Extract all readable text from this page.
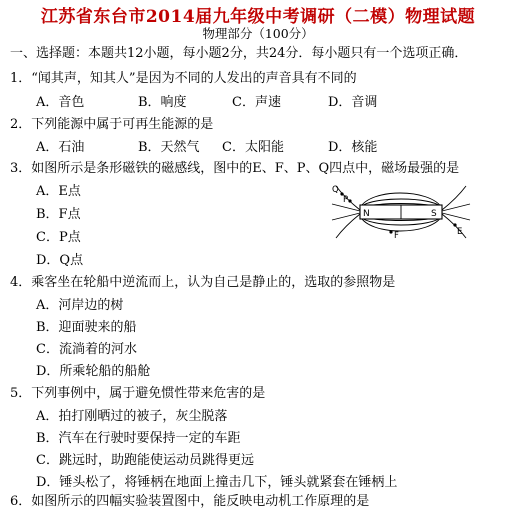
江苏省东台市2014届九年级中考调研（二模）物理试题
物理部分（100分）
一、选择题：本题共12小题，每小题2分，共24分．每小题只有一个选项正确．
1．“闻其声，知其人”是因为不同的人发出的声音具有不同的
A．音色	B．响度	C．声速	D．音调
2．下列能源中属于可再生能源的是
A．石油	B．天然气 C．太阳能	D．核能
3．如图所示是条形磁铁的磁感线，图中的E、F、P、Q四点中，磁场最强的是
A．E点
B．F点
C．P点
D．Q点
N	S
Q
P
E
F
4．乘客坐在轮船中逆流而上，认为自己是静止的，选取的参照物是
A．河岸边的树
B．迎面驶来的船
C．流淌着的河水
D．所乘轮船的船舱
5．下列事例中，属于避免惯性带来危害的是
A．拍打刚晒过的被子，灰尘脱落
B．汽车在行驶时要保持一定的车距
C．跳远时，助跑能使运动员跳得更远
D．锤头松了，将锤柄在地面上撞击几下，锤头就紧套在锤柄上
6．如图所示的四幅实验装置图中，能反映电动机工作原理的是
